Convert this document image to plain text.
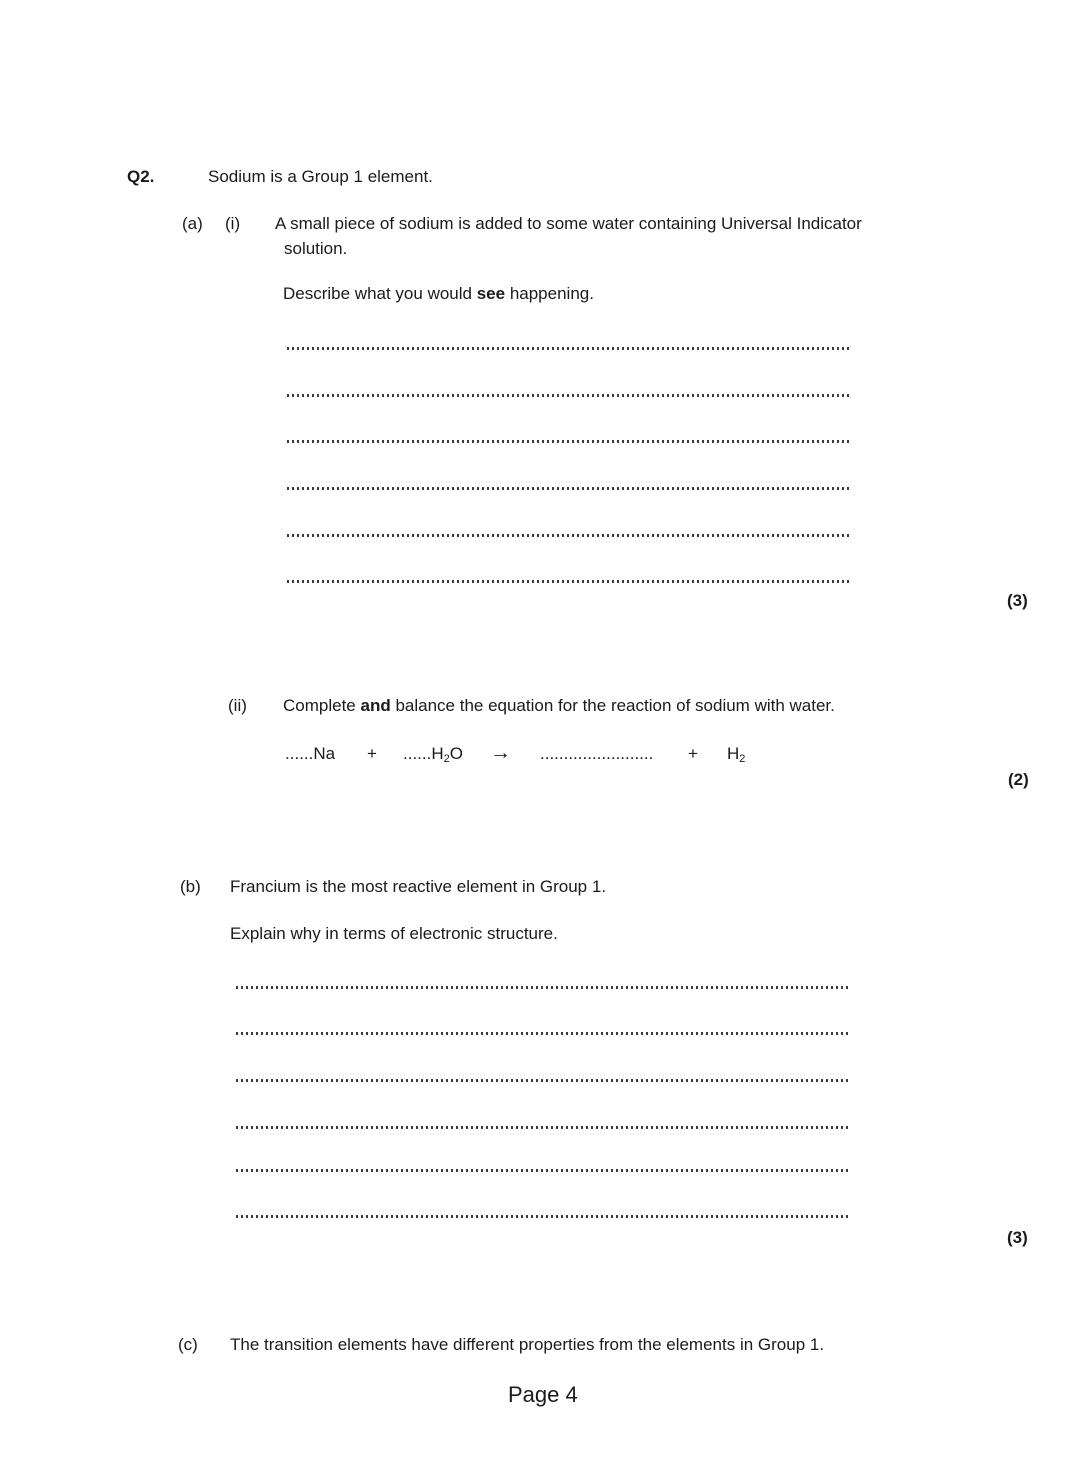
Q2.	Sodium is a Group 1 element.
(a) (i) A small piece of sodium is added to some water containing Universal Indicator
solution.
Describe what you would see happening.
(3)
(ii) Complete and balance the equation for the reaction of sodium with water.
$......Na + ......H_2O$ → ........................ + $H_2$
(2)
(b) Francium is the most reactive element in Group 1.
Explain why in terms of electronic structure.
(3)
(c) The transition elements have different properties from the elements in Group 1.
Page 4
